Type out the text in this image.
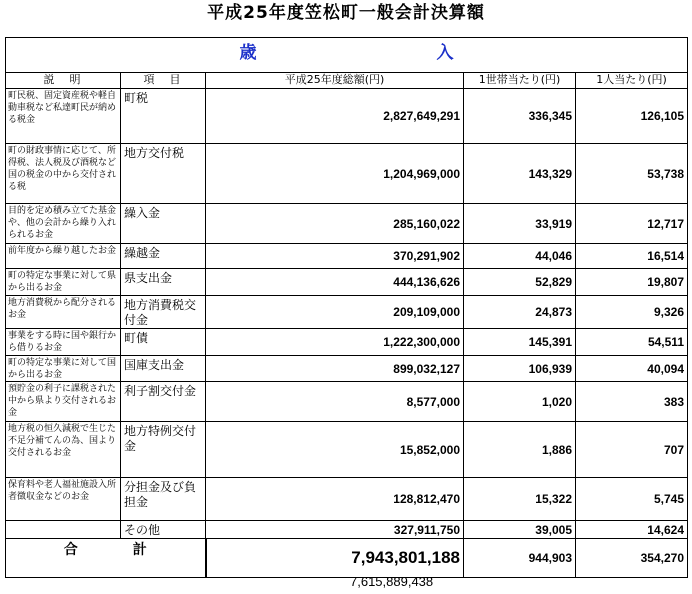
平成25年度笠松町一般会計決算額
歳 入				
説　明	項　目	平成25年度総額(円)	1世帯当たり(円)	1人当たり(円)
町民税、固定資産税や軽自動車税など私達町民が納める税金	町税	2,827,649,291	336,345	126,105
町の財政事情に応じて、所得税、法人税及び酒税など国の税金の中から交付される税	地方交付税	1,204,969,000	143,329	53,738
目的を定め積み立てた基金や、他の会計から繰り入れられるお金	繰入金	285,160,022	33,919	12,717
前年度から繰り越したお金	繰越金	370,291,902	44,046	16,514
町の特定な事業に対して県から出るお金	県支出金	444,136,626	52,829	19,807
地方消費税から配分されるお金	地方消費税交付金	209,109,000	24,873	9,326
事業をする時に国や銀行から借りるお金	町債	1,222,300,000	145,391	54,511
町の特定な事業に対して国から出るお金	国庫支出金	899,032,127	106,939	40,094
預貯金の利子に課税された中から県より交付されるお金	利子割交付金	8,577,000	1,020	383
地方税の恒久減税で生じた不足分補てんの為、国より交付されるお金	地方特例交付金	15,852,000	1,886	707
保育料や老人福祉施設入所者徴収金などのお金	分担金及び負担金	128,812,470	15,322	5,745
	その他	327,911,750	39,005	14,624
合 計		7,943,801,188	944,903	354,270
7,615,889,438
